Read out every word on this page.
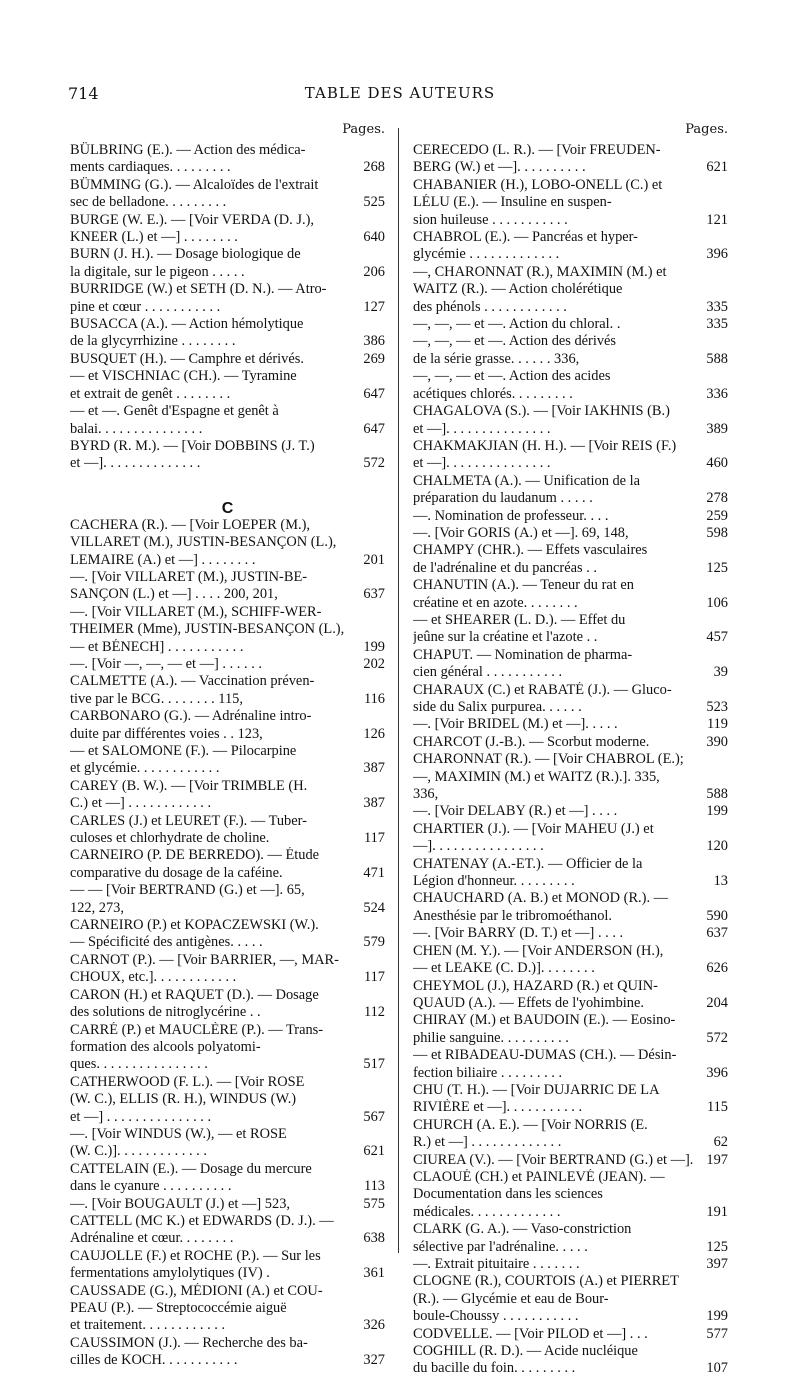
714	TABLE DES AUTEURS
Pages.
BÜLBRING (E.). — Action des médica-
ments cardiaques. . . . . . . . .	268
BÜMMING (G.). — Alcaloïdes de l'extrait
sec de belladone. . . . . . . . .	525
BURGE (W. E.). — [Voir VERDA (D. J.),
KNEER (L.) et —] . . . . . . . .	640
BURN (J. H.). — Dosage biologique de
la digitale, sur le pigeon . . . . .	206
BURRIDGE (W.) et SETH (D. N.). — Atro-
pine et cœur . . . . . . . . . . .	127
BUSACCA (A.). — Action hémolytique
de la glycyrrhizine . . . . . . . .	386
BUSQUET (H.). — Camphre et dérivés.	269
— et VISCHNIAC (CH.). — Tyramine
et extrait de genêt . . . . . . . .	647
— et —. Genêt d'Espagne et genêt à
balai. . . . . . . . . . . . . . .	647
BYRD (R. M.). — [Voir DOBBINS (J. T.)
et —]. . . . . . . . . . . . . .	572
C
CACHERA (R.). — [Voir LOEPER (M.),
VILLARET (M.), JUSTIN-BESANÇON (L.),
LEMAIRE (A.) et —] . . . . . . . .	201
—. [Voir VILLARET (M.), JUSTIN-BE-
SANÇON (L.) et —] . . . . 200, 201,	637
—. [Voir VILLARET (M.), SCHIFF-WER-
THEIMER (Mme), JUSTIN-BESANÇON (L.),
— et BÉNECH] . . . . . . . . . . .	199
—. [Voir —, —, — et —] . . . . . .	202
CALMETTE (A.). — Vaccination préven-
tive par le BCG. . . . . . . . 115,	116
CARBONARO (G.). — Adrénaline intro-
duite par différentes voies . . 123,	126
— et SALOMONE (F.). — Pilocarpine
et glycémie. . . . . . . . . . . .	387
CAREY (B. W.). — [Voir TRIMBLE (H.
C.) et —] . . . . . . . . . . . .	387
CARLES (J.) et LEURET (F.). — Tuber-
culoses et chlorhydrate de choline.	117
CARNEIRO (P. DE BERREDO). — Étude
comparative du dosage de la caféine.	471
— — [Voir BERTRAND (G.) et —]. 65,
122, 273,	524
CARNEIRO (P.) et KOPACZEWSKI (W.).
— Spécificité des antigènes. . . . .	579
CARNOT (P.). — [Voir BARRIER, —, MAR-
CHOUX, etc.]. . . . . . . . . . . .	117
CARON (H.) et RAQUET (D.). — Dosage
des solutions de nitroglycérine . .	112
CARRÉ (P.) et MAUCLÈRE (P.). — Trans-
formation des alcools polyatomi-
ques. . . . . . . . . . . . . . . .	517
CATHERWOOD (F. L.). — [Voir ROSE
(W. C.), ELLIS (R. H.), WINDUS (W.)
et —] . . . . . . . . . . . . . . .	567
—. [Voir WINDUS (W.), — et ROSE
(W. C.)]. . . . . . . . . . . . .	621
CATTELAIN (E.). — Dosage du mercure
dans le cyanure . . . . . . . . . .	113
—. [Voir BOUGAULT (J.) et —] 523,	575
CATTELL (MC K.) et EDWARDS (D. J.). —
Adrénaline et cœur. . . . . . . .	638
CAUJOLLE (F.) et ROCHE (P.). — Sur les
fermentations amylolytiques (IV) .	361
CAUSSADE (G.), MÉDIONI (A.) et COU-
PEAU (P.). — Streptococcémie aiguë
et traitement. . . . . . . . . . . .	326
CAUSSIMON (J.). — Recherche des ba-
cilles de KOCH. . . . . . . . . . .	327
Pages.
CERECEDO (L. R.). — [Voir FREUDEN-
BERG (W.) et —]. . . . . . . . . .	621
CHABANIER (H.), LOBO-ONELL (C.) et
LÉLU (E.). — Insuline en suspen-
sion huileuse . . . . . . . . . . .	121
CHABROL (E.). — Pancréas et hyper-
glycémie . . . . . . . . . . . . .	396
—, CHARONNAT (R.), MAXIMIN (M.) et
WAITZ (R.). — Action cholérétique
des phénols . . . . . . . . . . . .	335
—, —, — et —. Action du chloral. .	335
—, —, — et —. Action des dérivés
de la série grasse. . . . . . 336,	588
—, —, — et —. Action des acides
acétiques chlorés. . . . . . . . .	336
CHAGALOVA (S.). — [Voir IAKHNIS (B.)
et —]. . . . . . . . . . . . . . .	389
CHAKMAKJIAN (H. H.). — [Voir REIS (F.)
et —]. . . . . . . . . . . . . . .	460
CHALMETA (A.). — Unification de la
préparation du laudanum . . . . .	278
—. Nomination de professeur. . . .	259
—. [Voir GORIS (A.) et —]. 69, 148,	598
CHAMPY (CHR.). — Effets vasculaires
de l'adrénaline et du pancréas . .	125
CHANUTIN (A.). — Teneur du rat en
créatine et en azote. . . . . . . .	106
— et SHEARER (L. D.). — Effet du
jeûne sur la créatine et l'azote . .	457
CHAPUT. — Nomination de pharma-
cien général . . . . . . . . . . .	39
CHARAUX (C.) et RABATÉ (J.). — Gluco-
side du Salix purpurea. . . . . .	523
—. [Voir BRIDEL (M.) et —]. . . . .	119
CHARCOT (J.-B.). — Scorbut moderne.	390
CHARONNAT (R.). — [Voir CHABROL (E.);
—, MAXIMIN (M.) et WAITZ (R.).]. 335,
336,	588
—. [Voir DELABY (R.) et —] . . . .	199
CHARTIER (J.). — [Voir MAHEU (J.) et
—]. . . . . . . . . . . . . . . .	120
CHATENAY (A.-ET.). — Officier de la
Légion d'honneur. . . . . . . . .	13
CHAUCHARD (A. B.) et MONOD (R.). —
Anesthésie par le tribromoéthanol.	590
—. [Voir BARRY (D. T.) et —] . . . .	637
CHEN (M. Y.). — [Voir ANDERSON (H.),
— et LEAKE (C. D.)]. . . . . . . .	626
CHEYMOL (J.), HAZARD (R.) et QUIN-
QUAUD (A.). — Effets de l'yohimbine.	204
CHIRAY (M.) et BAUDOIN (E.). — Eosino-
philie sanguine. . . . . . . . . .	572
— et RIBADEAU-DUMAS (CH.). — Désin-
fection biliaire . . . . . . . . .	396
CHU (T. H.). — [Voir DUJARRIC DE LA
RIVIÈRE et —]. . . . . . . . . . .	115
CHURCH (A. E.). — [Voir NORRIS (E.
R.) et —] . . . . . . . . . . . . .	62
CIUREA (V.). — [Voir BERTRAND (G.) et —]. 197
CLAOUÉ (CH.) et PAINLEVÉ (JEAN). —
Documentation dans les sciences
médicales. . . . . . . . . . . . .	191
CLARK (G. A.). — Vaso-constriction
sélective par l'adrénaline. . . . .	125
—. Extrait pituitaire . . . . . . .	397
CLOGNE (R.), COURTOIS (A.) et PIERRET
(R.). — Glycémie et eau de Bour-
boule-Choussy . . . . . . . . . . .	199
CODVELLE. — [Voir PILOD et —] . . .	577
COGHILL (R. D.). — Acide nucléique
du bacille du foin. . . . . . . . .	107
